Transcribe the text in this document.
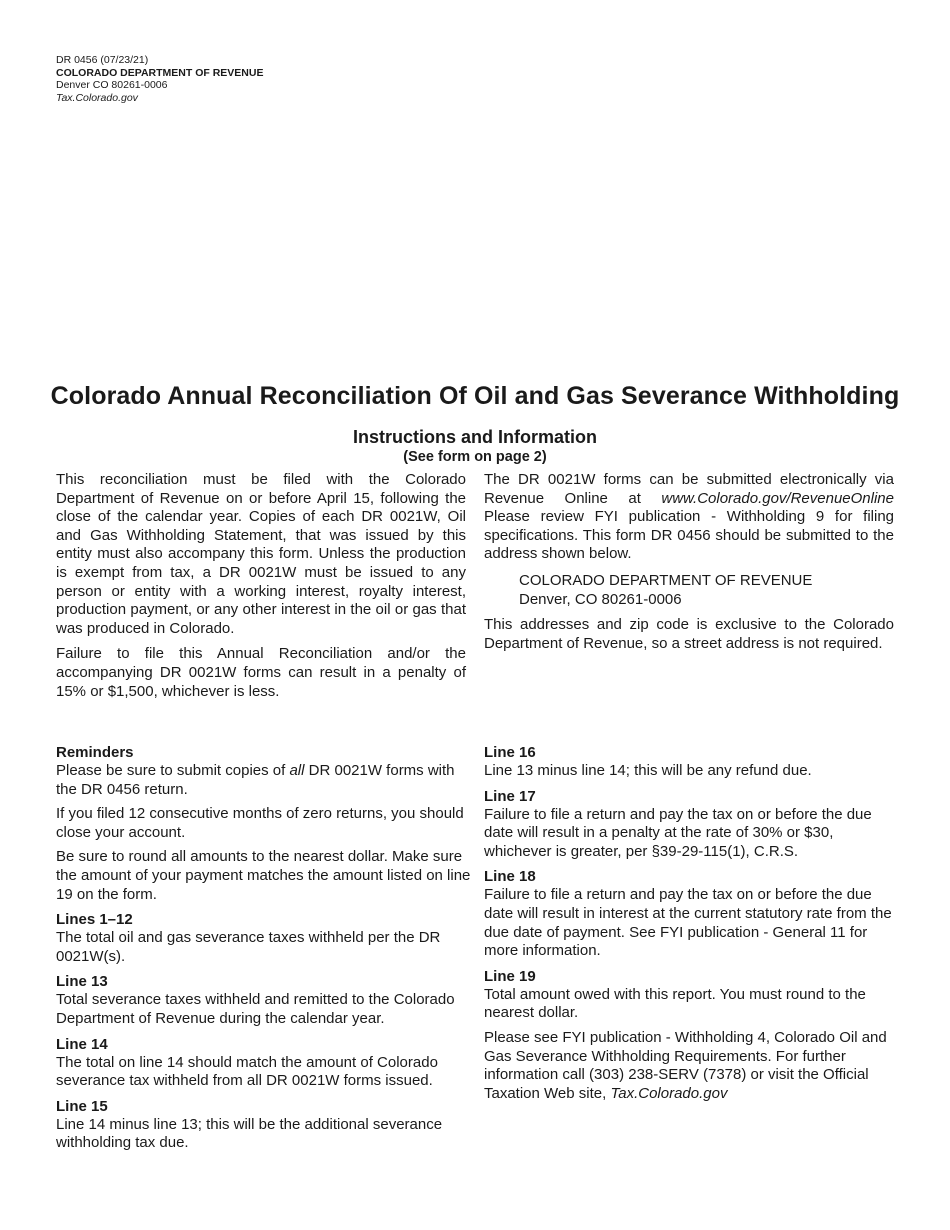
DR 0456 (07/23/21)
COLORADO DEPARTMENT OF REVENUE
Denver CO 80261-0006
Tax.Colorado.gov
Colorado Annual Reconciliation Of Oil and Gas Severance Withholding
Instructions and Information
(See form on page 2)

This reconciliation must be filed with the Colorado Department of Revenue on or before April 15, following the close of the calendar year. Copies of each DR 0021W, Oil and Gas Withholding Statement, that was issued by this entity must also accompany this form. Unless the production is exempt from tax, a DR 0021W must be issued to any person or entity with a working interest, royalty interest, production payment, or any other interest in the oil or gas that was produced in Colorado.

Failure to file this Annual Reconciliation and/or the accompanying DR 0021W forms can result in a penalty of 15% or $1,500, whichever is less.

The DR 0021W forms can be submitted electronically via Revenue Online at www.Colorado.gov/RevenueOnline Please review FYI publication - Withholding 9 for filing specifications. This form DR 0456 should be submitted to the address shown below.

COLORADO DEPARTMENT OF REVENUE
Denver, CO 80261-0006

This addresses and zip code is exclusive to the Colorado Department of Revenue, so a street address is not required.

Reminders

Please be sure to submit copies of all DR 0021W forms with the DR 0456 return.

If you filed 12 consecutive months of zero returns, you should close your account.

Be sure to round all amounts to the nearest dollar. Make sure the amount of your payment matches the amount listed on line 19 on the form.

Lines 1–12

The total oil and gas severance taxes withheld per the DR 0021W(s).

Line 13

Total severance taxes withheld and remitted to the Colorado Department of Revenue during the calendar year.

Line 14

The total on line 14 should match the amount of Colorado severance tax withheld from all DR 0021W forms issued.

Line 15

Line 14 minus line 13; this will be the additional severance withholding tax due.

Line 16

Line 13 minus line 14; this will be any refund due.

Line 17

Failure to file a return and pay the tax on or before the due date will result in a penalty at the rate of 30% or $30, whichever is greater, per §39-29-115(1), C.R.S.

Line 18

Failure to file a return and pay the tax on or before the due date will result in interest at the current statutory rate from the due date of payment. See FYI publication - General 11 for more information.

Line 19

Total amount owed with this report. You must round to the nearest dollar.

Please see FYI publication - Withholding 4, Colorado Oil and Gas Severance Withholding Requirements. For further information call (303) 238-SERV (7378) or visit the Official Taxation Web site, Tax.Colorado.gov
